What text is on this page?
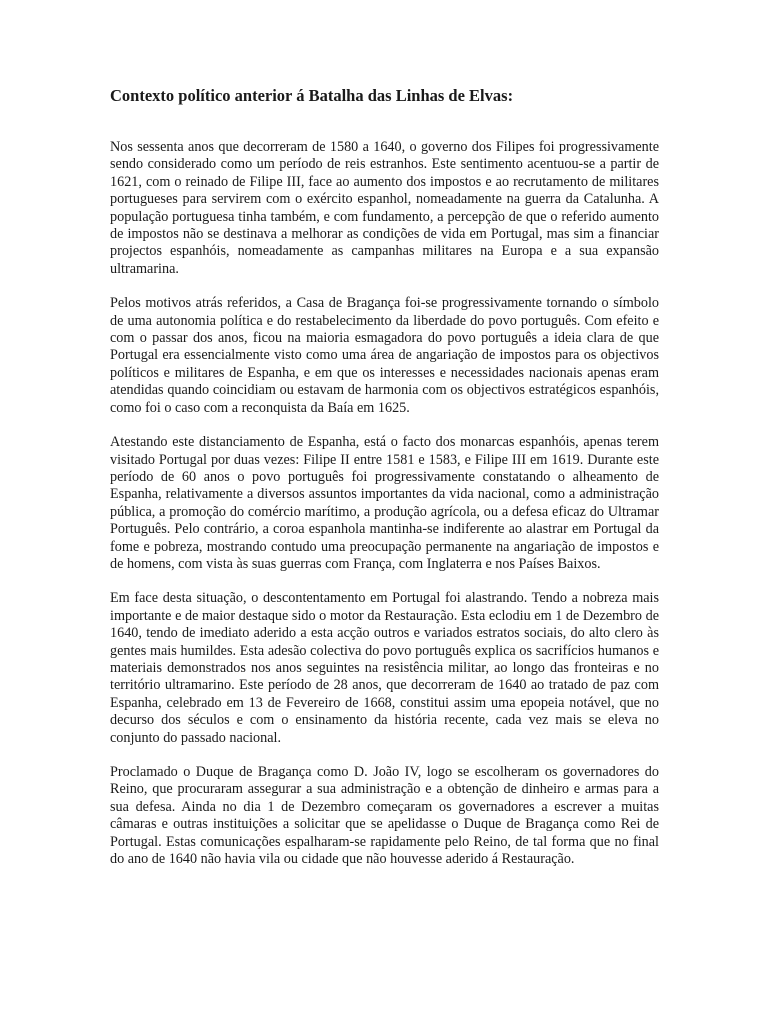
Contexto político anterior á Batalha das Linhas de Elvas:

Nos sessenta anos que decorreram de 1580 a 1640, o governo dos Filipes foi progressivamente sendo considerado como um período de reis estranhos. Este sentimento acentuou-se a partir de 1621, com o reinado de Filipe III, face ao aumento dos impostos e ao recrutamento de militares portugueses para servirem com o exército espanhol, nomeadamente na guerra da Catalunha. A população portuguesa tinha também, e com fundamento, a percepção de que o referido aumento de impostos não se destinava a melhorar as condições de vida em Portugal, mas sim a financiar projectos espanhóis, nomeadamente as campanhas militares na Europa e a sua expansão ultramarina.

Pelos motivos atrás referidos, a Casa de Bragança foi-se progressivamente tornando o símbolo de uma autonomia política e do restabelecimento da liberdade do povo português. Com efeito e com o passar dos anos, ficou na maioria esmagadora do povo português a ideia clara de que Portugal era essencialmente visto como uma área de angariação de impostos para os objectivos políticos e militares de Espanha, e em que os interesses e necessidades nacionais apenas eram atendidas quando coincidiam ou estavam de harmonia com os objectivos estratégicos espanhóis, como foi o caso com a reconquista da Baía em 1625.

Atestando este distanciamento de Espanha, está o facto dos monarcas espanhóis, apenas terem visitado Portugal por duas vezes: Filipe II entre 1581 e 1583, e Filipe III em 1619. Durante este período de 60 anos o povo português foi progressivamente constatando o alheamento de Espanha, relativamente a diversos assuntos importantes da vida nacional, como a administração pública, a promoção do comércio marítimo, a produção agrícola, ou a defesa eficaz do Ultramar Português. Pelo contrário, a coroa espanhola mantinha-se indiferente ao alastrar em Portugal da fome e pobreza, mostrando contudo uma preocupação permanente na angariação de impostos e de homens, com vista às suas guerras com França, com Inglaterra e nos Países Baixos.

Em face desta situação, o descontentamento em Portugal foi alastrando. Tendo a nobreza mais importante e de maior destaque sido o motor da Restauração. Esta eclodiu em 1 de Dezembro de 1640, tendo de imediato aderido a esta acção outros e variados estratos sociais, do alto clero às gentes mais humildes. Esta adesão colectiva do povo português explica os sacrifícios humanos e materiais demonstrados nos anos seguintes na resistência militar, ao longo das fronteiras e no território ultramarino. Este período de 28 anos, que decorreram de 1640 ao tratado de paz com Espanha, celebrado em 13 de Fevereiro de 1668, constitui assim uma epopeia notável, que no decurso dos séculos e com o ensinamento da história recente, cada vez mais se eleva no conjunto do passado nacional.

Proclamado o Duque de Bragança como D. João IV, logo se escolheram os governadores do Reino, que procuraram assegurar a sua administração e a obtenção de dinheiro e armas para a sua defesa. Ainda no dia 1 de Dezembro começaram os governadores a escrever a muitas câmaras e outras instituições a solicitar que se apelidasse o Duque de Bragança como Rei de Portugal. Estas comunicações espalharam-se rapidamente pelo Reino, de tal forma que no final do ano de 1640 não havia vila ou cidade que não houvesse aderido á Restauração.
